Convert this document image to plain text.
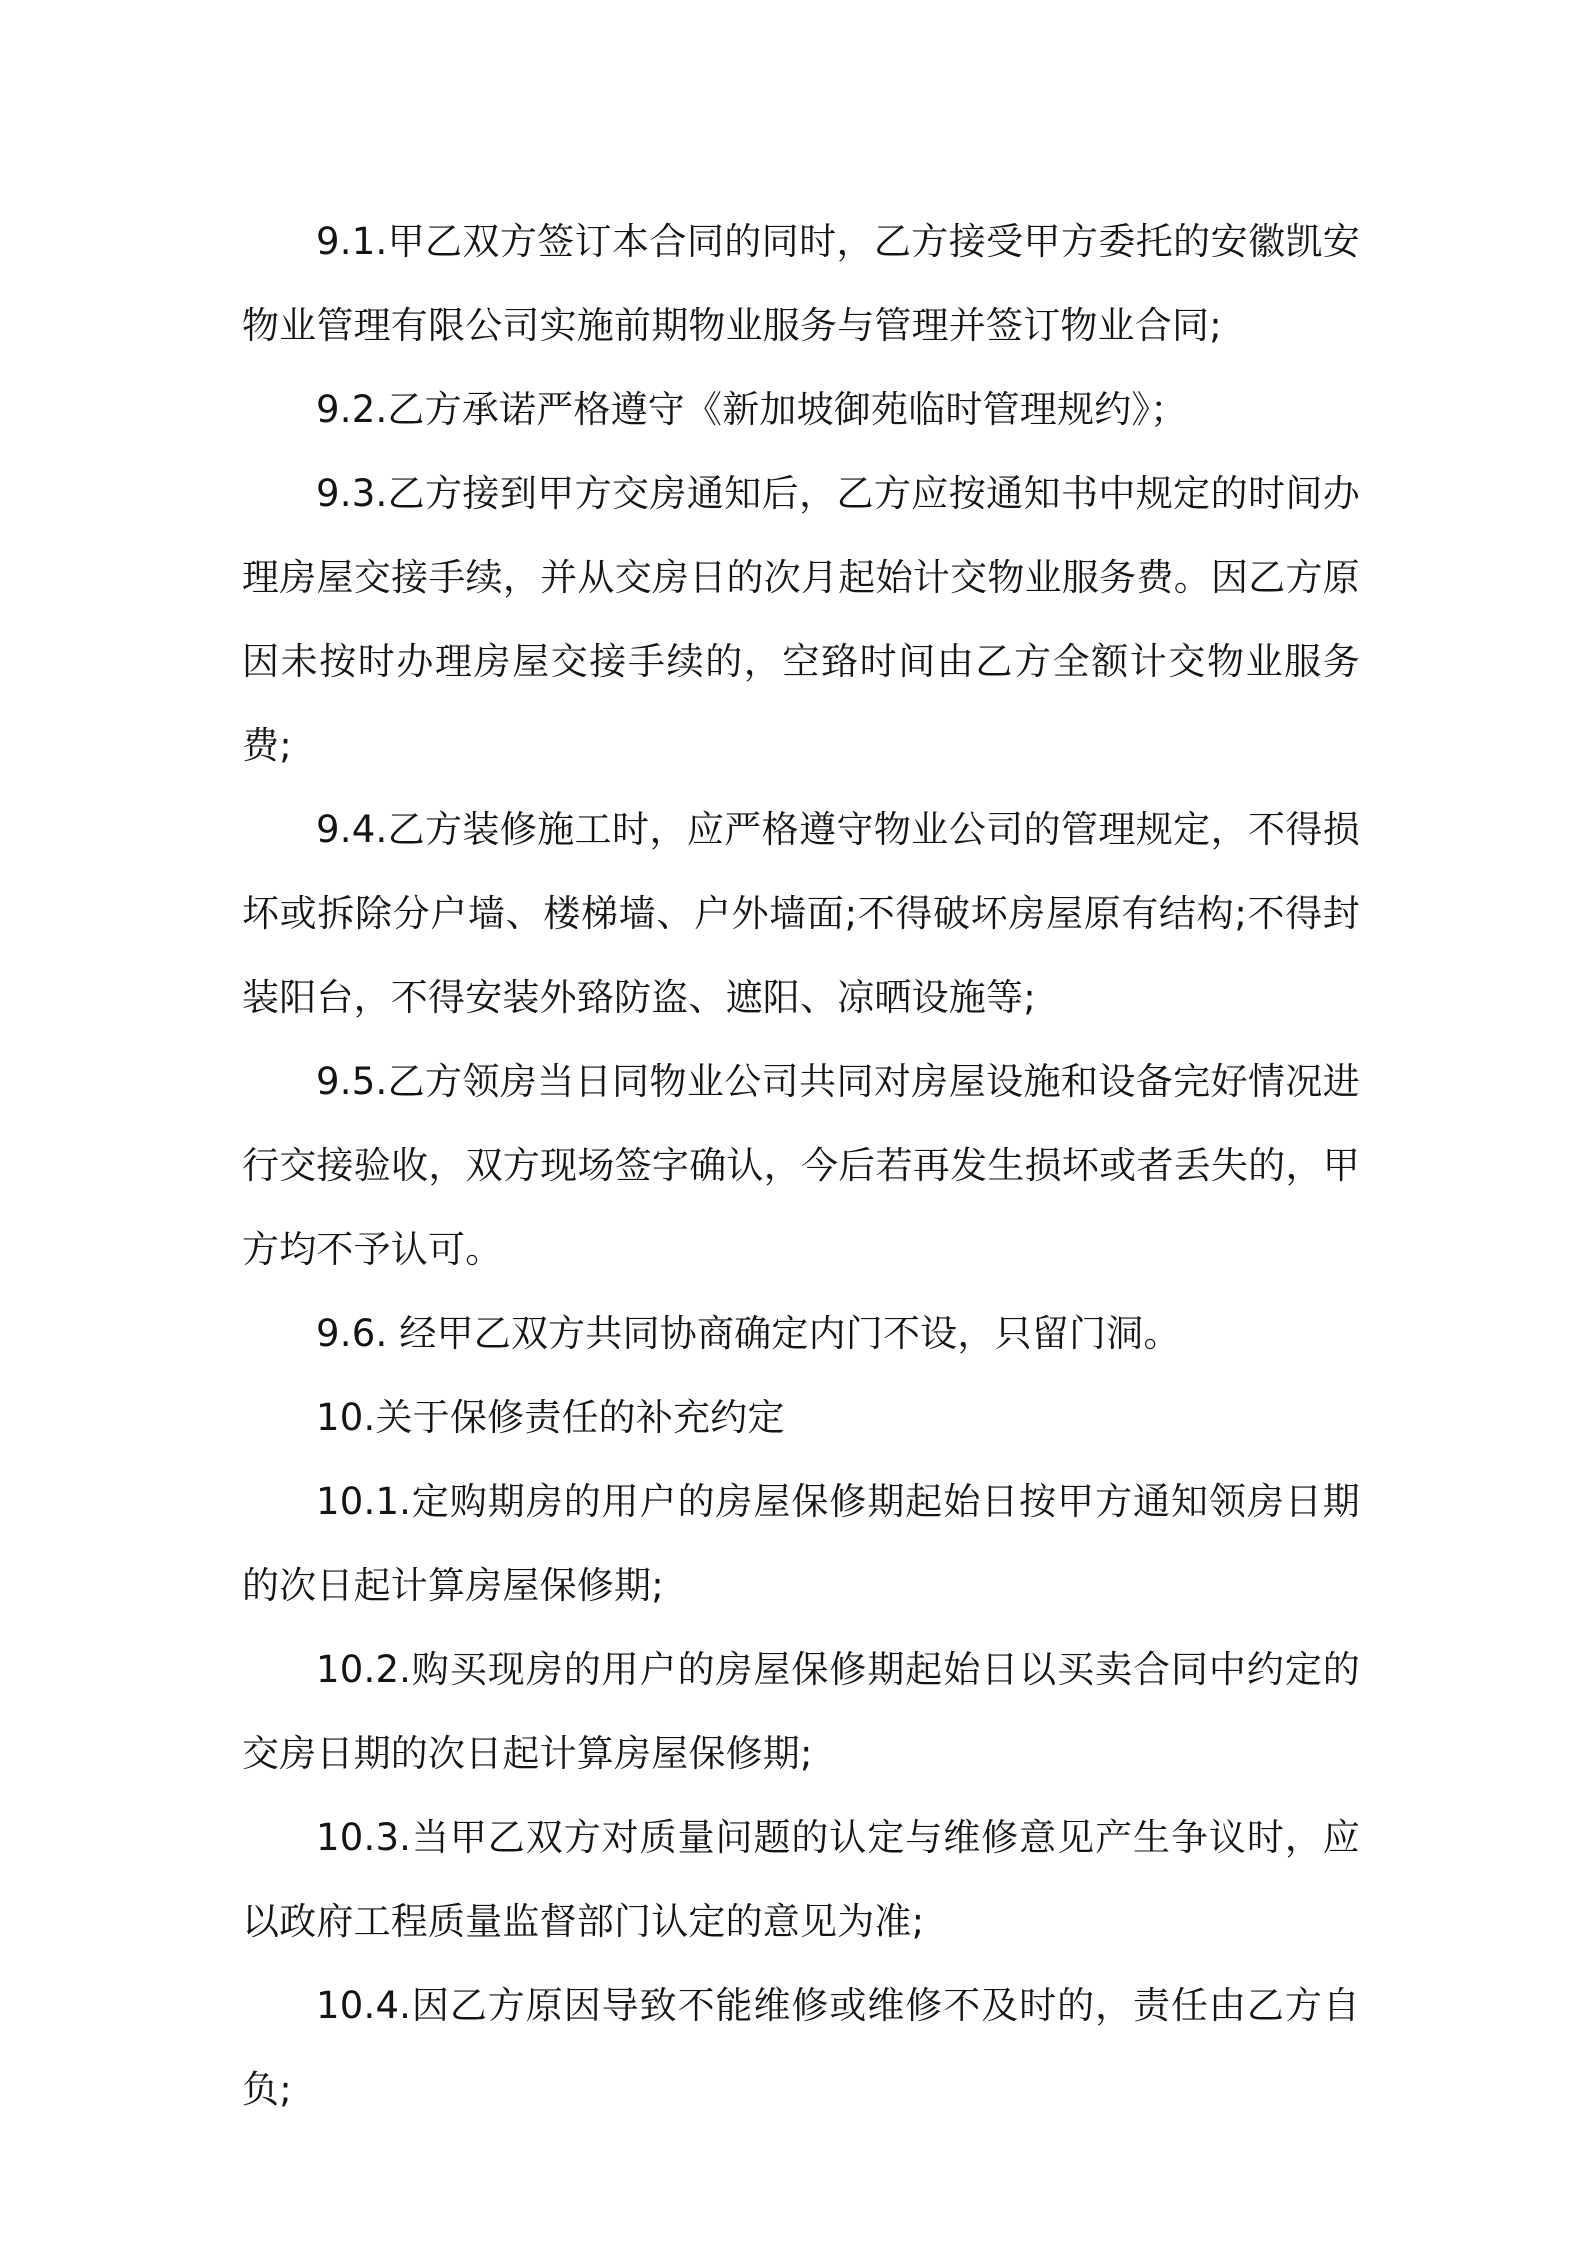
9.1.甲乙双方签订本合同的同时，乙方接受甲方委托的安徽凯安物业管理有限公司实施前期物业服务与管理并签订物业合同;

9.2.乙方承诺严格遵守《新加坡御苑临时管理规约》；

9.3.乙方接到甲方交房通知后，乙方应按通知书中规定的时间办理房屋交接手续，并从交房日的次月起始计交物业服务费。因乙方原因未按时办理房屋交接手续的，空臵时间由乙方全额计交物业服务费;

9.4.乙方装修施工时，应严格遵守物业公司的管理规定，不得损坏或拆除分户墙、楼梯墙、户外墙面;不得破坏房屋原有结构;不得封装阳台，不得安装外臵防盗、遮阳、凉晒设施等;

9.5.乙方领房当日同物业公司共同对房屋设施和设备完好情况进行交接验收，双方现场签字确认，今后若再发生损坏或者丢失的，甲方均不予认可。

9.6. 经甲乙双方共同协商确定内门不设，只留门洞。

10.关于保修责任的补充约定

10.1.定购期房的用户的房屋保修期起始日按甲方通知领房日期的次日起计算房屋保修期;

10.2.购买现房的用户的房屋保修期起始日以买卖合同中约定的交房日期的次日起计算房屋保修期;

10.3.当甲乙双方对质量问题的认定与维修意见产生争议时，应以政府工程质量监督部门认定的意见为准;

10.4.因乙方原因导致不能维修或维修不及时的，责任由乙方自负;
